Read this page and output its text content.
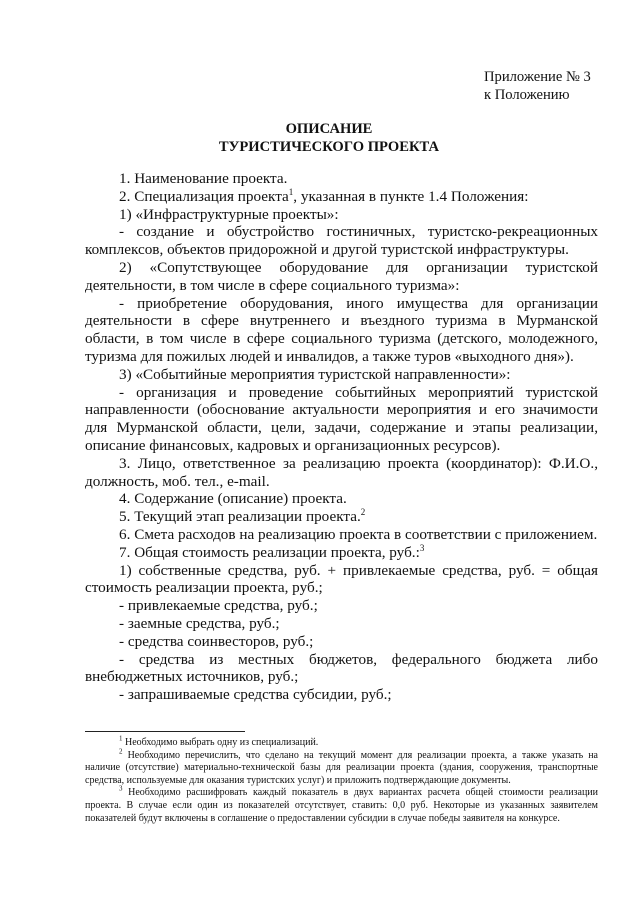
Приложение № 3
к Положению
ОПИСАНИЕ
ТУРИСТИЧЕСКОГО ПРОЕКТА

1. Наименование проекта.

2. Специализация проекта$^1$, указанная в пункте 1.4 Положения:

1) «Инфраструктурные проекты»:

- создание и обустройство гостиничных, туристско-рекреационных комплексов, объектов придорожной и другой туристской инфраструктуры.

2) «Сопутствующее оборудование для организации туристской деятельности, в том числе в сфере социального туризма»:

- приобретение оборудования, иного имущества для организации деятельности в сфере внутреннего и въездного туризма в Мурманской области, в том числе в сфере социального туризма (детского, молодежного, туризма для пожилых людей и инвалидов, а также туров «выходного дня»).

3) «Событийные мероприятия туристской направленности»:

- организация и проведение событийных мероприятий туристской направленности (обоснование актуальности мероприятия и его значимости для Мурманской области, цели, задачи, содержание и этапы реализации, описание финансовых, кадровых и организационных ресурсов).

3. Лицо, ответственное за реализацию проекта (координатор): Ф.И.О., должность, моб. тел., e-mail.

4. Содержание (описание) проекта.

5. Текущий этап реализации проекта.$^2$

6. Смета расходов на реализацию проекта в соответствии с приложением.

7. Общая стоимость реализации проекта, руб.:$^3$

1) собственные средства, руб. + привлекаемые средства, руб. = общая стоимость реализации проекта, руб.;

- привлекаемые средства, руб.;

- заемные средства, руб.;

- средства соинвесторов, руб.;

- средства из местных бюджетов, федерального бюджета либо внебюджетных источников, руб.;

- запрашиваемые средства субсидии, руб.;

$^1$ Необходимо выбрать одну из специализаций.

$^2$ Необходимо перечислить, что сделано на текущий момент для реализации проекта, а также указать на наличие (отсутствие) материально-технической базы для реализации проекта (здания, сооружения, транспортные средства, используемые для оказания туристских услуг) и приложить подтверждающие документы.

$^3$ Необходимо расшифровать каждый показатель в двух вариантах расчета общей стоимости реализации проекта. В случае если один из показателей отсутствует, ставить: 0,0 руб. Некоторые из указанных заявителем показателей будут включены в соглашение о предоставлении субсидии в случае победы заявителя на конкурсе.
